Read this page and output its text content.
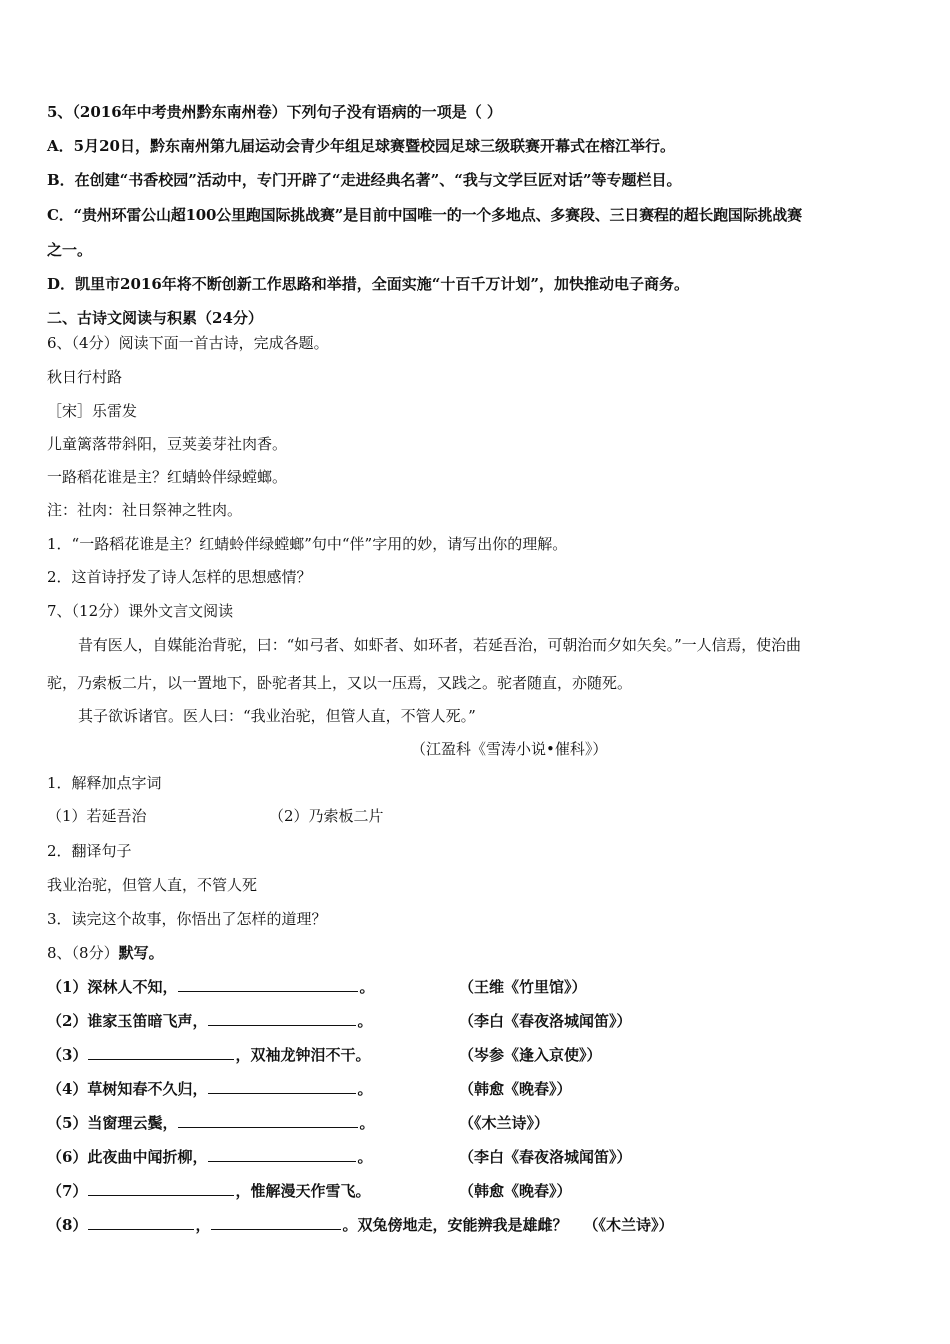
5、（2016年中考贵州黔东南州卷）下列句子没有语病的一项是（ ）
A．5月20日，黔东南州第九届运动会青少年组足球赛暨校园足球三级联赛开幕式在榕江举行。
B．在创建“书香校园”活动中，专门开辟了“走进经典名著”、“我与文学巨匠对话”等专题栏目。
C．“贵州环雷公山超100公里跑国际挑战赛”是目前中国唯一的一个多地点、多赛段、三日赛程的超长跑国际挑战赛
之一。
D．凯里市2016年将不断创新工作思路和举措，全面实施“十百千万计划”，加快推动电子商务。
二、古诗文阅读与积累（24分）
6、（4分）阅读下面一首古诗，完成各题。
秋日行村路
［宋］乐雷发
儿童篱落带斜阳，豆荚姜芽社肉香。
一路稻花谁是主？红蜻蛉伴绿螳螂。
注：社肉：社日祭神之牲肉。
1．“一路稻花谁是主？红蜻蛉伴绿螳螂”句中“伴”字用的妙，请写出你的理解。
2．这首诗抒发了诗人怎样的思想感情？
7、（12分）课外文言文阅读
昔有医人，自媒能治背驼，曰：“如弓者、如虾者、如环者，若延吾治，可朝治而夕如矢矣。”一人信焉，使治曲
驼，乃索板二片，以一置地下，卧驼者其上，又以一压焉，又践之。驼者随直，亦随死。
其子欲诉诸官。医人曰：“我业治驼，但管人直，不管人死。”
（江盈科《雪涛小说•催科》）
1．解释加点字词
（1）若延吾治	（2）乃索板二片
2．翻译句子
我业治驼，但管人直，不管人死
3．读完这个故事，你悟出了怎样的道理？
8、（8分）默写。
（1）深林人不知，	。	（王维《竹里馆》）
（2）谁家玉笛暗飞声，	。	（李白《春夜洛城闻笛》）
（3）	，双袖龙钟泪不干。	（岑参《逢入京使》）
（4）草树知春不久归，	。	（韩愈《晚春》）
（5）当窗理云鬓，	。	（《木兰诗》）
（6）此夜曲中闻折柳，	。	（李白《春夜洛城闻笛》）
（7）	，惟解漫天作雪飞。	（韩愈《晚春》）
（8）	，	。双兔傍地走，安能辨我是雄雌？ （《木兰诗》）
